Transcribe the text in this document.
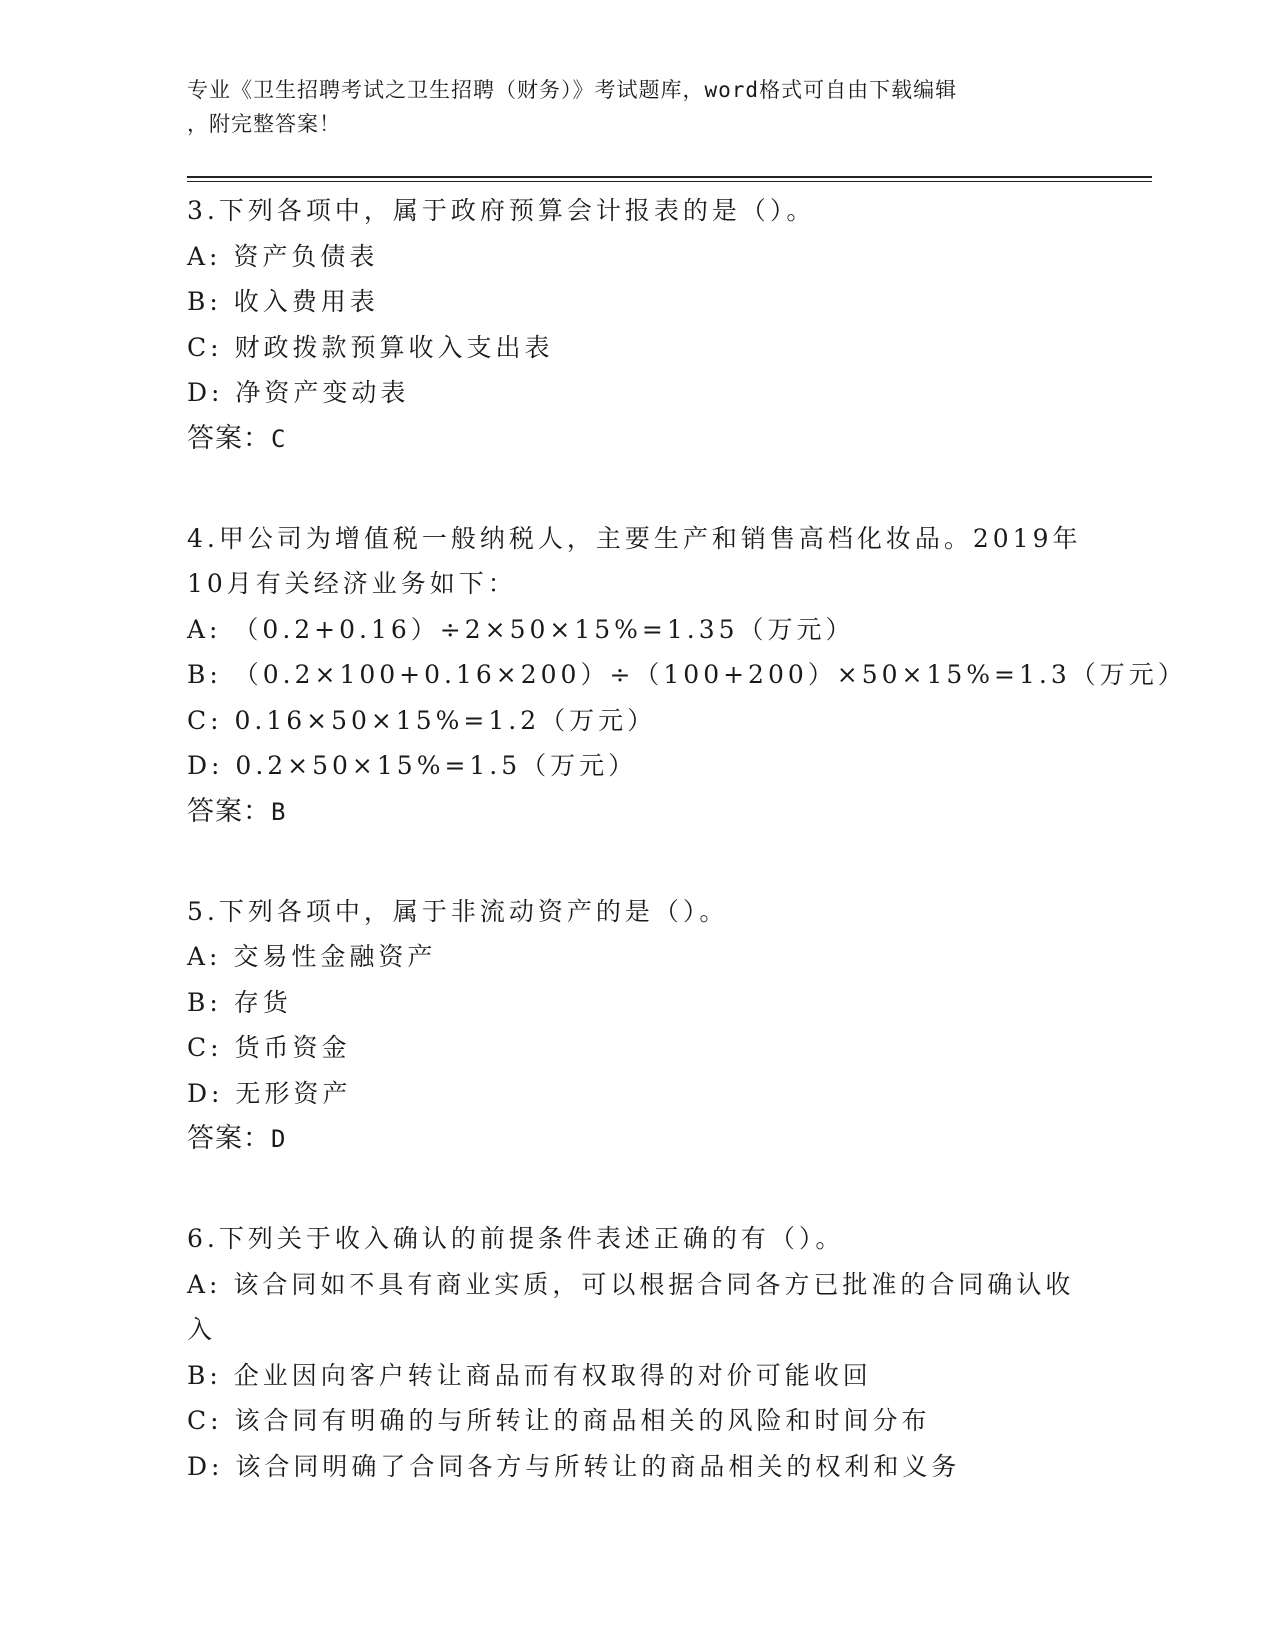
专业《卫生招聘考试之卫生招聘（财务）》考试题库，word格式可自由下载编辑
，附完整答案！
3.下列各项中，属于政府预算会计报表的是（）。
A: 资产负债表
B: 收入费用表
C: 财政拨款预算收入支出表
D: 净资产变动表
答案：C
4.甲公司为增值税一般纳税人，主要生产和销售高档化妆品。2019年
10月有关经济业务如下：
A: （0.2+0.16）÷2×50×15%=1.35（万元）
B: （0.2×100+0.16×200）÷（100+200）×50×15%=1.3（万元）
C: 0.16×50×15%=1.2（万元）
D: 0.2×50×15%=1.5（万元）
答案：B
5.下列各项中，属于非流动资产的是（）。
A: 交易性金融资产
B: 存货
C: 货币资金
D: 无形资产
答案：D
6.下列关于收入确认的前提条件表述正确的有（）。
A: 该合同如不具有商业实质，可以根据合同各方已批准的合同确认收
入
B: 企业因向客户转让商品而有权取得的对价可能收回
C: 该合同有明确的与所转让的商品相关的风险和时间分布
D: 该合同明确了合同各方与所转让的商品相关的权利和义务
